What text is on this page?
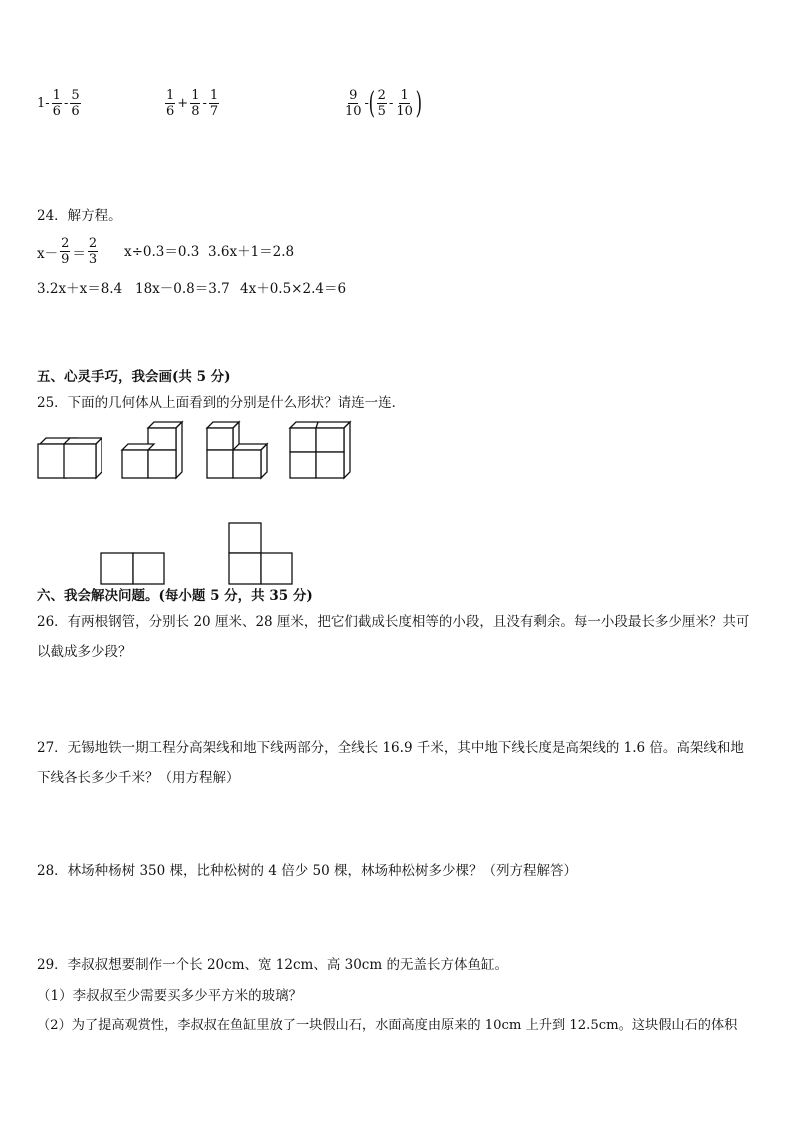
$1- \frac{1}{6} - \frac{5}{6}$	$\frac{1}{6} + \frac{1}{8} - \frac{1}{7}$	$\frac{9}{10}$ - ( $\frac{2}{5} - \frac{1}{10}$ )
24．解方程。
$x- \frac{2}{9} = \frac{2}{3} x\div 0.3=0.3$ 3.6x＋1＝2.8
3.2x＋x＝8.4 18x－0.8＝3.7 4x＋0.5×2.4＝6
五、心灵手巧，我会画(共 5 分)
25．下面的几何体从上面看到的分别是什么形状？请连一连．
六、我会解决问题。(每小题 5 分，共 35 分)
26．有两根钢管，分别长 20 厘米、28 厘米，把它们截成长度相等的小段，且没有剩余。每一小段最长多少厘米？共可以截成多少段？
27．无锡地铁一期工程分高架线和地下线两部分，全线长 16.9 千米，其中地下线长度是高架线的 1.6 倍。高架线和地下线各长多少千米？（用方程解）
28．林场种杨树 350 棵，比种松树的 4 倍少 50 棵，林场种松树多少棵？（列方程解答）
29．李叔叔想要制作一个长 20cm、宽 12cm、高 30cm 的无盖长方体鱼缸。
（1）李叔叔至少需要买多少平方米的玻璃？
（2）为了提高观赏性，李叔叔在鱼缸里放了一块假山石，水面高度由原来的 10cm 上升到 12.5cm。这块假山石的体积
